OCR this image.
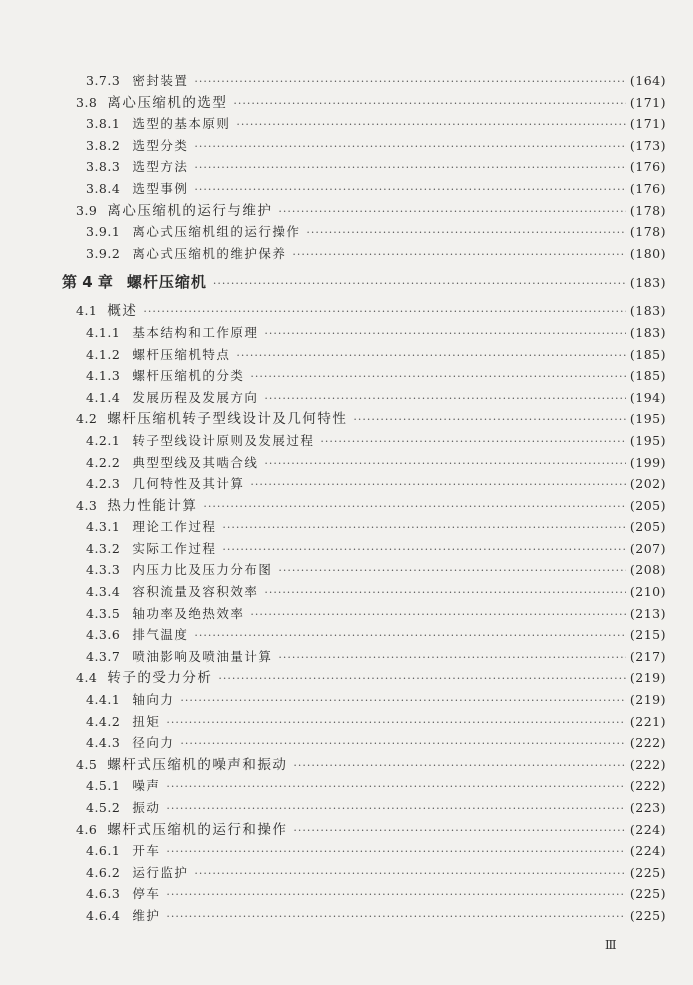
3.7.3 密封装置 ·····	(164)
3.8 离心压缩机的选型 ·····	(171)
3.8.1 选型的基本原则 ·····	(171)
3.8.2 选型分类 ·····	(173)
3.8.3 选型方法 ·····	(176)
3.8.4 选型事例 ·····	(176)
3.9 离心压缩机的运行与维护 ·····	(178)
3.9.1 离心式压缩机组的运行操作 ·····	(178)
3.9.2 离心式压缩机的维护保养 ·····	(180)
第 4 章 螺杆压缩机 ·····	(183)
4.1 概述 ·····	(183)
4.1.1 基本结构和工作原理 ·····	(183)
4.1.2 螺杆压缩机特点 ·····	(185)
4.1.3 螺杆压缩机的分类 ·····	(185)
4.1.4 发展历程及发展方向 ·····	(194)
4.2 螺杆压缩机转子型线设计及几何特性 ·····	(195)
4.2.1 转子型线设计原则及发展过程 ·····	(195)
4.2.2 典型型线及其啮合线 ·····	(199)
4.2.3 几何特性及其计算 ·····	(202)
4.3 热力性能计算 ·····	(205)
4.3.1 理论工作过程 ·····	(205)
4.3.2 实际工作过程 ·····	(207)
4.3.3 内压力比及压力分布图 ·····	(208)
4.3.4 容积流量及容积效率 ·····	(210)
4.3.5 轴功率及绝热效率 ·····	(213)
4.3.6 排气温度 ·····	(215)
4.3.7 喷油影响及喷油量计算 ·····	(217)
4.4 转子的受力分析 ·····	(219)
4.4.1 轴向力 ·····	(219)
4.4.2 扭矩 ·····	(221)
4.4.3 径向力 ·····	(222)
4.5 螺杆式压缩机的噪声和振动 ·····	(222)
4.5.1 噪声 ·····	(222)
4.5.2 振动 ·····	(223)
4.6 螺杆式压缩机的运行和操作 ·····	(224)
4.6.1 开车 ·····	(224)
4.6.2 运行监护 ·····	(225)
4.6.3 停车 ·····	(225)
4.6.4 维护 ·····	(225)
Ⅲ
